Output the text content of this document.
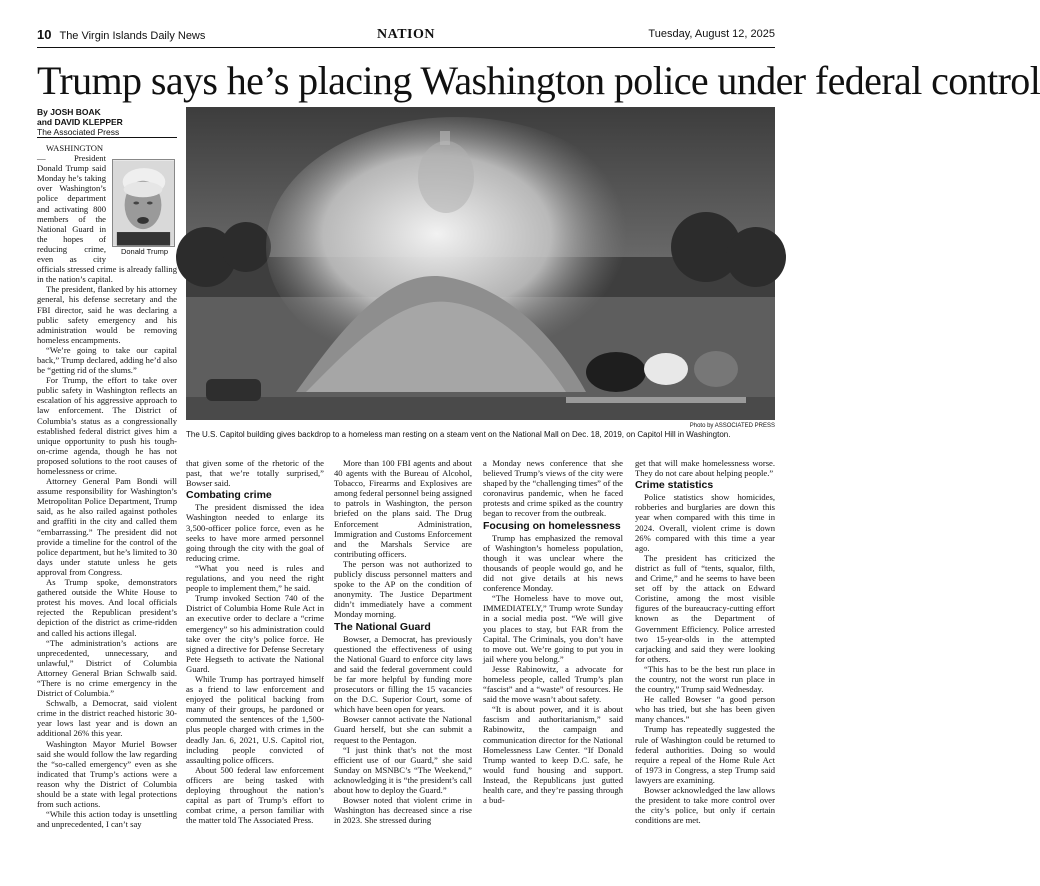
10 The Virgin Islands Daily News	NATION	Tuesday, August 12, 2025
Trump says he’s placing Washington police under federal control
By JOSH BOAK
and DAVID KLEPPER
The Associated Press

Donald Trump

WASHINGTON — President Donald Trump said Monday he’s taking over Washington’s police department and activating 800 members of the National Guard in the hopes of reducing crime, even as city officials stressed crime is already falling in the nation’s capital.

The president, flanked by his attorney general, his defense secretary and the FBI director, said he was declaring a public safety emergency and his administration would be removing homeless encampments.

“We’re going to take our capital back,” Trump declared, adding he’d also be “getting rid of the slums.”

For Trump, the effort to take over public safety in Washington reflects an escalation of his aggressive approach to law enforcement. The District of Columbia’s status as a congressionally established federal district gives him a unique opportunity to push his tough-on-crime agenda, though he has not proposed solutions to the root causes of homelessness or crime.

Attorney General Pam Bondi will assume responsibility for Washington’s Metropolitan Police Department, Trump said, as he also railed against potholes and graffiti in the city and called them “embarrassing.” The president did not provide a timeline for the control of the police department, but he’s limited to 30 days under statute unless he gets approval from Congress.

As Trump spoke, demonstrators gathered outside the White House to protest his moves. And local officials rejected the Republican president’s depiction of the district as crime-ridden and called his actions illegal.

“The administration’s actions are unprecedented, unnecessary, and unlawful,” District of Columbia Attorney General Brian Schwalb said. “There is no crime emergency in the District of Columbia.”

Schwalb, a Democrat, said violent crime in the district reached historic 30-year lows last year and is down an additional 26% this year.

Washington Mayor Muriel Bowser said she would follow the law regarding the “so-called emergency” even as she indicated that Trump’s actions were a reason why the District of Columbia should be a state with legal protections from such actions.

“While this action today is unsettling and unprecedented, I can’t say

Photo by ASSOCIATED PRESS
The U.S. Capitol building gives backdrop to a homeless man resting on a steam vent on the National Mall on Dec. 18, 2019, on Capitol Hill in Washington.

that given some of the rhetoric of the past, that we’re totally surprised,” Bowser said.

Combating crime

The president dismissed the idea Washington needed to enlarge its 3,500-officer police force, even as he seeks to have more armed personnel going through the city with the goal of reducing crime.

“What you need is rules and regulations, and you need the right people to implement them,” he said.

Trump invoked Section 740 of the District of Columbia Home Rule Act in an executive order to declare a “crime emergency” so his administration could take over the city’s police force. He signed a directive for Defense Secretary Pete Hegseth to activate the National Guard.

While Trump has portrayed himself as a friend to law enforcement and enjoyed the political backing from many of their groups, he pardoned or commuted the sentences of the 1,500-plus people charged with crimes in the deadly Jan. 6, 2021, U.S. Capitol riot, including people convicted of assaulting police officers.

About 500 federal law enforcement officers are being tasked with deploying throughout the nation’s capital as part of Trump’s effort to combat crime, a person familiar with the matter told The Associated Press.

More than 100 FBI agents and about 40 agents with the Bureau of Alcohol, Tobacco, Firearms and Explosives are among federal personnel being assigned to patrols in Washington, the person briefed on the plans said. The Drug Enforcement Administration, Immigration and Customs Enforcement and the Marshals Service are contributing officers.

The person was not authorized to publicly discuss personnel matters and spoke to the AP on the condition of anonymity. The Justice Department didn’t immediately have a comment Monday morning.

The National Guard

Bowser, a Democrat, has previously questioned the effectiveness of using the National Guard to enforce city laws and said the federal government could be far more helpful by funding more prosecutors or filling the 15 vacancies on the D.C. Superior Court, some of which have been open for years.

Bowser cannot activate the National Guard herself, but she can submit a request to the Pentagon.

“I just think that’s not the most efficient use of our Guard,” she said Sunday on MSNBC’s “The Weekend,” acknowledging it is “the president’s call about how to deploy the Guard.”

Bowser noted that violent crime in Washington has decreased since a rise in 2023. She stressed during

a Monday news conference that she believed Trump’s views of the city were shaped by the “challenging times” of the coronavirus pandemic, when he faced protests and crime spiked as the country began to recover from the outbreak.

Focusing on homelessness

Trump has emphasized the removal of Washington’s homeless population, though it was unclear where the thousands of people would go, and he did not give details at his news conference Monday.

“The Homeless have to move out, IMMEDIATELY,” Trump wrote Sunday in a social media post. “We will give you places to stay, but FAR from the Capital. The Criminals, you don’t have to move out. We’re going to put you in jail where you belong.”

Jesse Rabinowitz, a advocate for homeless people, called Trump’s plan “fascist” and a “waste” of resources. He said the move wasn’t about safety.

“It is about power, and it is about fascism and authoritarianism,” said Rabinowitz, the campaign and communication director for the National Homelessness Law Center. “If Donald Trump wanted to keep D.C. safe, he would fund housing and support. Instead, the Republicans just gutted health care, and they’re passing through a bud-

get that will make homelessness worse. They do not care about helping people.”

Crime statistics

Police statistics show homicides, robberies and burglaries are down this year when compared with this time in 2024. Overall, violent crime is down 26% compared with this time a year ago.

The president has criticized the district as full of “tents, squalor, filth, and Crime,” and he seems to have been set off by the attack on Edward Coristine, among the most visible figures of the bureaucracy-cutting effort known as the Department of Government Efficiency. Police arrested two 15-year-olds in the attempted carjacking and said they were looking for others.

“This has to be the best run place in the country, not the worst run place in the country,” Trump said Wednesday.

He called Bowser “a good person who has tried, but she has been given many chances.”

Trump has repeatedly suggested the rule of Washington could be returned to federal authorities. Doing so would require a repeal of the Home Rule Act of 1973 in Congress, a step Trump said lawyers are examining.

Bowser acknowledged the law allows the president to take more control over the city’s police, but only if certain conditions are met.
